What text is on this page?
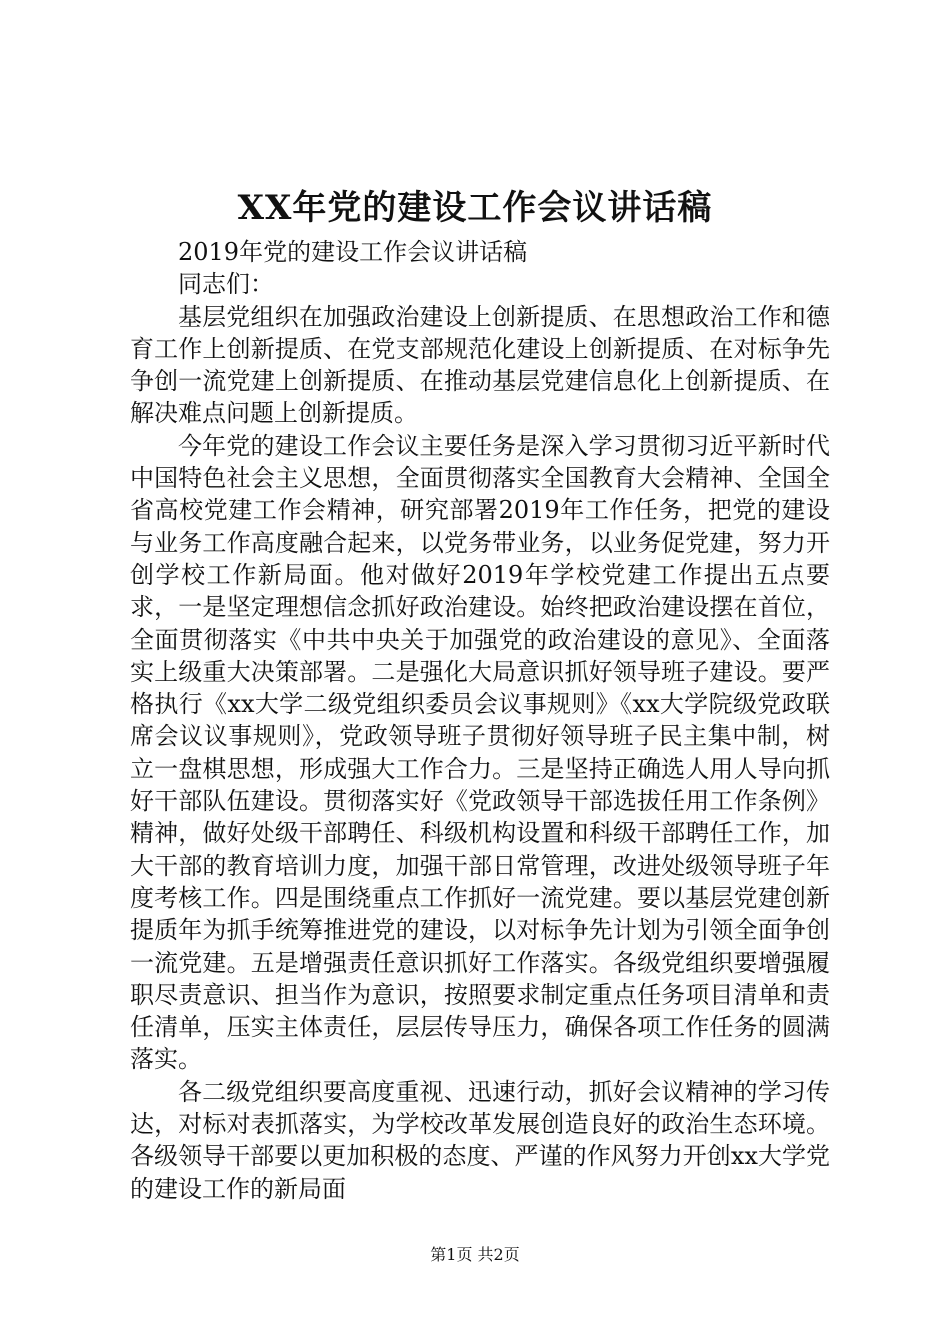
XX年党的建设工作会议讲话稿

2019年党的建设工作会议讲话稿

同志们：

基层党组织在加强政治建设上创新提质、在思想政治工作和德育工作上创新提质、在党支部规范化建设上创新提质、在对标争先争创一流党建上创新提质、在推动基层党建信息化上创新提质、在解决难点问题上创新提质。

今年党的建设工作会议主要任务是深入学习贯彻习近平新时代中国特色社会主义思想，全面贯彻落实全国教育大会精神、全国全省高校党建工作会精神，研究部署2019年工作任务，把党的建设与业务工作高度融合起来，以党务带业务，以业务促党建，努力开创学校工作新局面。他对做好2019年学校党建工作提出五点要求，一是坚定理想信念抓好政治建设。始终把政治建设摆在首位，全面贯彻落实《中共中央关于加强党的政治建设的意见》、全面落实上级重大决策部署。二是强化大局意识抓好领导班子建设。要严格执行《xx大学二级党组织委员会议事规则》《xx大学院级党政联席会议议事规则》，党政领导班子贯彻好领导班子民主集中制，树立一盘棋思想，形成强大工作合力。三是坚持正确选人用人导向抓好干部队伍建设。贯彻落实好《党政领导干部选拔任用工作条例》精神，做好处级干部聘任、科级机构设置和科级干部聘任工作，加大干部的教育培训力度，加强干部日常管理，改进处级领导班子年度考核工作。四是围绕重点工作抓好一流党建。要以基层党建创新提质年为抓手统筹推进党的建设，以对标争先计划为引领全面争创一流党建。五是增强责任意识抓好工作落实。各级党组织要增强履职尽责意识、担当作为意识，按照要求制定重点任务项目清单和责任清单，压实主体责任，层层传导压力，确保各项工作任务的圆满落实。

各二级党组织要高度重视、迅速行动，抓好会议精神的学习传达，对标对表抓落实，为学校改革发展创造良好的政治生态环境。各级领导干部要以更加积极的态度、严谨的作风努力开创xx大学党的建设工作的新局面

第1页 共2页
